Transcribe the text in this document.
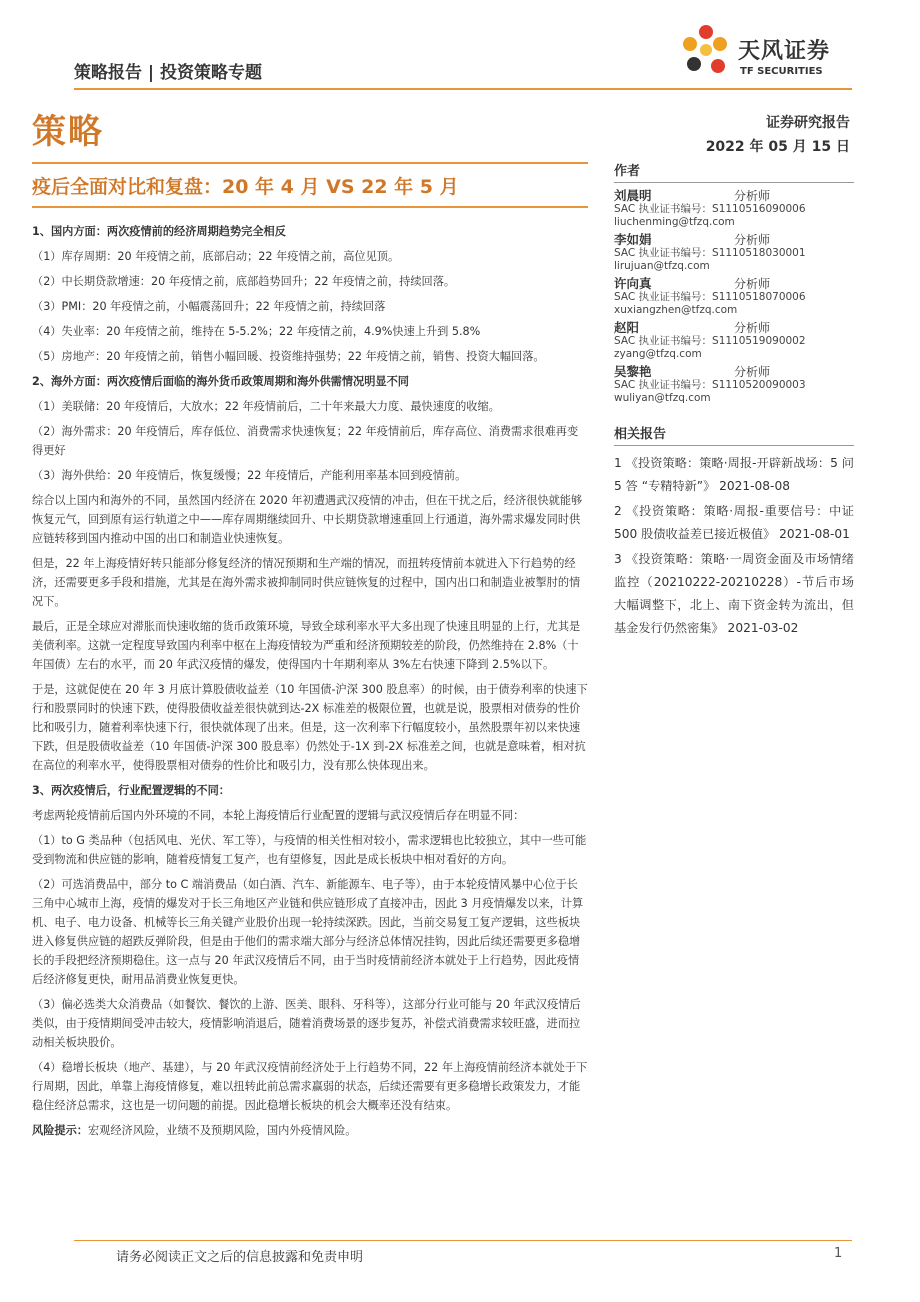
策略报告 | 投资策略专题
天风证券
TF SECURITIES
策略	证券研究报告
2022 年 05 月 15 日
疫后全面对比和复盘：20 年 4 月 VS 22 年 5 月

1、国内方面：两次疫情前的经济周期趋势完全相反

（1）库存周期：20 年疫情之前，底部启动；22 年疫情之前，高位见顶。

（2）中长期贷款增速：20 年疫情之前，底部趋势回升；22 年疫情之前，持续回落。

（3）PMI：20 年疫情之前，小幅震荡回升；22 年疫情之前，持续回落

（4）失业率：20 年疫情之前，维持在 5-5.2%；22 年疫情之前，4.9%快速上升到 5.8%

（5）房地产：20 年疫情之前，销售小幅回暖、投资维持强势；22 年疫情之前，销售、投资大幅回落。

2、海外方面：两次疫情后面临的海外货币政策周期和海外供需情况明显不同

（1）美联储：20 年疫情后，大放水；22 年疫情前后，二十年来最大力度、最快速度的收缩。

（2）海外需求：20 年疫情后，库存低位、消费需求快速恢复；22 年疫情前后，库存高位、消费需求很难再变得更好

（3）海外供给：20 年疫情后，恢复缓慢；22 年疫情后，产能利用率基本回到疫情前。

综合以上国内和海外的不同，虽然国内经济在 2020 年初遭遇武汉疫情的冲击，但在干扰之后，经济很快就能够恢复元气，回到原有运行轨道之中——库存周期继续回升、中长期贷款增速重回上行通道，海外需求爆发同时供应链转移到国内推动中国的出口和制造业快速恢复。

但是，22 年上海疫情好转只能部分修复经济的情况预期和生产端的情况，而扭转疫情前本就进入下行趋势的经济，还需要更多手段和措施，尤其是在海外需求被抑制同时供应链恢复的过程中，国内出口和制造业被掣肘的情况下。

最后，正是全球应对滞胀而快速收缩的货币政策环境，导致全球利率水平大多出现了快速且明显的上行，尤其是美债利率。这就一定程度导致国内利率中枢在上海疫情较为严重和经济预期较差的阶段，仍然维持在 2.8%（十年国债）左右的水平，而 20 年武汉疫情的爆发，使得国内十年期利率从 3%左右快速下降到 2.5%以下。

于是，这就促使在 20 年 3 月底计算股债收益差（10 年国债-沪深 300 股息率）的时候，由于债券利率的快速下行和股票同时的快速下跌，使得股债收益差很快就到达-2X 标准差的极限位置，也就是说，股票相对债券的性价比和吸引力，随着利率快速下行，很快就体现了出来。但是，这一次利率下行幅度较小，虽然股票年初以来快速下跌，但是股债收益差（10 年国债-沪深 300 股息率）仍然处于-1X 到-2X 标准差之间，也就是意味着，相对抗在高位的利率水平，使得股票相对债券的性价比和吸引力，没有那么快体现出来。

3、两次疫情后，行业配置逻辑的不同：

考虑两轮疫情前后国内外环境的不同，本轮上海疫情后行业配置的逻辑与武汉疫情后存在明显不同：

（1）to G 类品种（包括风电、光伏、军工等），与疫情的相关性相对较小，需求逻辑也比较独立，其中一些可能受到物流和供应链的影响，随着疫情复工复产，也有望修复，因此是成长板块中相对看好的方向。

（2）可选消费品中，部分 to C 端消费品（如白酒、汽车、新能源车、电子等），由于本轮疫情风暴中心位于长三角中心城市上海，疫情的爆发对于长三角地区产业链和供应链形成了直接冲击，因此 3 月疫情爆发以来，计算机、电子、电力设备、机械等长三角关键产业股价出现一轮持续深跌。因此，当前交易复工复产逻辑，这些板块进入修复供应链的超跌反弹阶段，但是由于他们的需求端大部分与经济总体情况挂钩，因此后续还需要更多稳增长的手段把经济预期稳住。这一点与 20 年武汉疫情后不同，由于当时疫情前经济本就处于上行趋势，因此疫情后经济修复更快，耐用品消费业恢复更快。

（3）偏必选类大众消费品（如餐饮、餐饮的上游、医美、眼科、牙科等），这部分行业可能与 20 年武汉疫情后类似，由于疫情期间受冲击较大，疫情影响消退后，随着消费场景的逐步复苏，补偿式消费需求较旺盛，进而拉动相关板块股价。

（4）稳增长板块（地产、基建），与 20 年武汉疫情前经济处于上行趋势不同，22 年上海疫情前经济本就处于下行周期，因此，单靠上海疫情修复，难以扭转此前总需求赢弱的状态，后续还需要有更多稳增长政策发力，才能稳住经济总需求，这也是一切问题的前提。因此稳增长板块的机会大概率还没有结束。

风险提示：宏观经济风险，业绩不及预期风险，国内外疫情风险。

作者
刘晨明	分析师
SAC 执业证书编号：S1110516090006
liuchenming@tfzq.com
李如娟	分析师
SAC 执业证书编号：S1110518030001
lirujuan@tfzq.com
许向真	分析师
SAC 执业证书编号：S1110518070006
xuxiangzhen@tfzq.com
赵阳	分析师
SAC 执业证书编号：S1110519090002
zyang@tfzq.com
吴黎艳	分析师
SAC 执业证书编号：S1110520090003
wuliyan@tfzq.com
相关报告
1 《投资策略：策略·周报-开辟新战场：5 问 5 答 “专精特新”》 2021-08-08
2 《投资策略：策略·周报-重要信号：中证 500 股债收益差已接近极值》 2021-08-01
3 《投资策略：策略·一周资金面及市场情绪监控（20210222-20210228）-节后市场大幅调整下，北上、南下资金转为流出，但基金发行仍然密集》 2021-03-02
请务必阅读正文之后的信息披露和免责申明	1
